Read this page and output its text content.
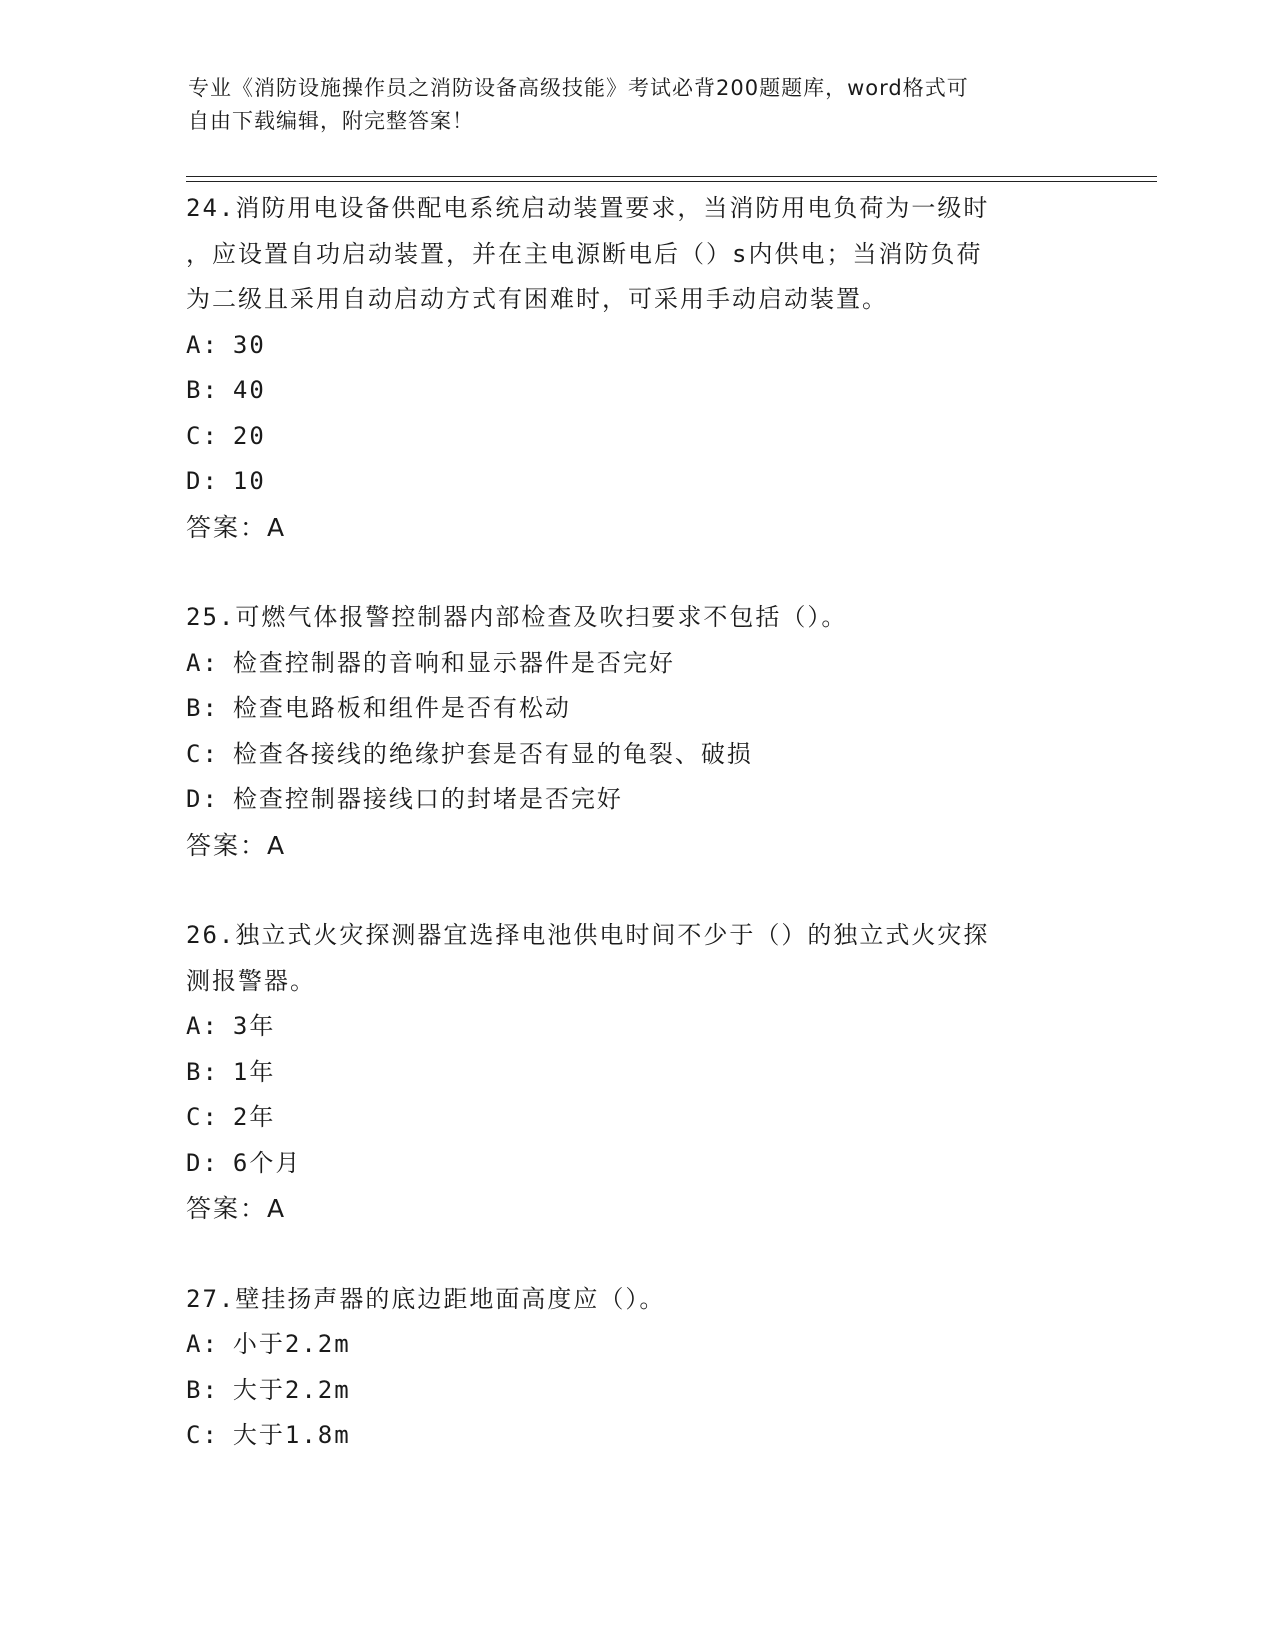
专业《消防设施操作员之消防设备高级技能》考试必背200题题库，word格式可
自由下载编辑，附完整答案！

24.消防用电设备供配电系统启动装置要求，当消防用电负荷为一级时

，应设置自功启动装置，并在主电源断电后（）s内供电；当消防负荷

为二级且采用自动启动方式有困难时，可采用手动启动装置。

A: 30

B: 40

C: 20

D: 10

答案：A

25.可燃气体报警控制器内部检查及吹扫要求不包括（）。

A: 检查控制器的音响和显示器件是否完好

B: 检查电路板和组件是否有松动

C: 检查各接线的绝缘护套是否有显的龟裂、破损

D: 检查控制器接线口的封堵是否完好

答案：A

26.独立式火灾探测器宜选择电池供电时间不少于（）的独立式火灾探

测报警器。

A: 3年

B: 1年

C: 2年

D: 6个月

答案：A

27.壁挂扬声器的底边距地面高度应（）。

A: 小于2.2m

B: 大于2.2m

C: 大于1.8m
